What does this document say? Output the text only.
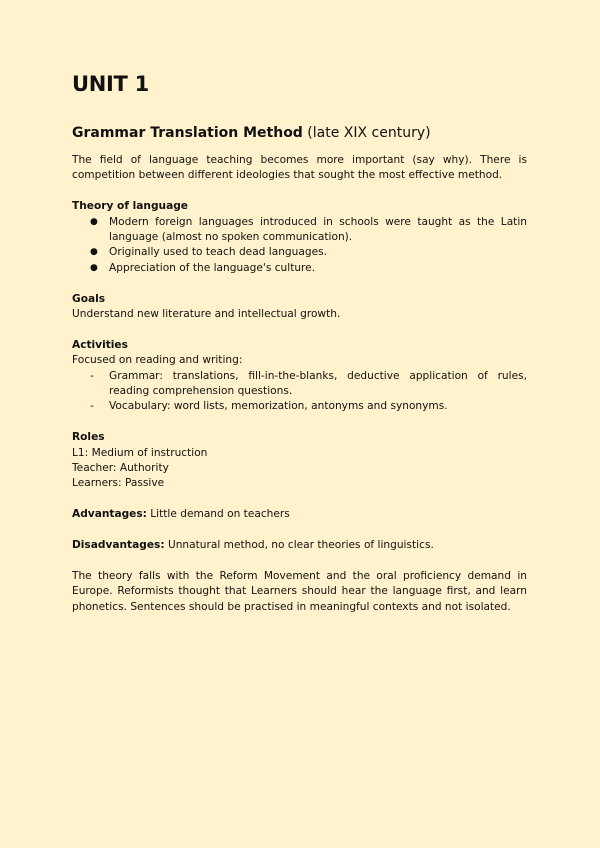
UNIT 1
Grammar Translation Method (late XIX century)

The field of language teaching becomes more important (say why). There is competition between different ideologies that sought the most effective method.

Theory of language
● Modern foreign languages introduced in schools were taught as the Latin language (almost no spoken communication).
● Originally used to teach dead languages.
● Appreciation of the language's culture.
Goals

Understand new literature and intellectual growth.

Activities

Focused on reading and writing:

- Grammar: translations, fill-in-the-blanks, deductive application of rules, reading comprehension questions.
- Vocabulary: word lists, memorization, antonyms and synonyms.
Roles
L1: Medium of instruction
Teacher: Authority
Learners: Passive

Advantages: Little demand on teachers

Disadvantages: Unnatural method, no clear theories of linguistics.

The theory falls with the Reform Movement and the oral proficiency demand in Europe. Reformists thought that Learners should hear the language first, and learn phonetics. Sentences should be practised in meaningful contexts and not isolated.
